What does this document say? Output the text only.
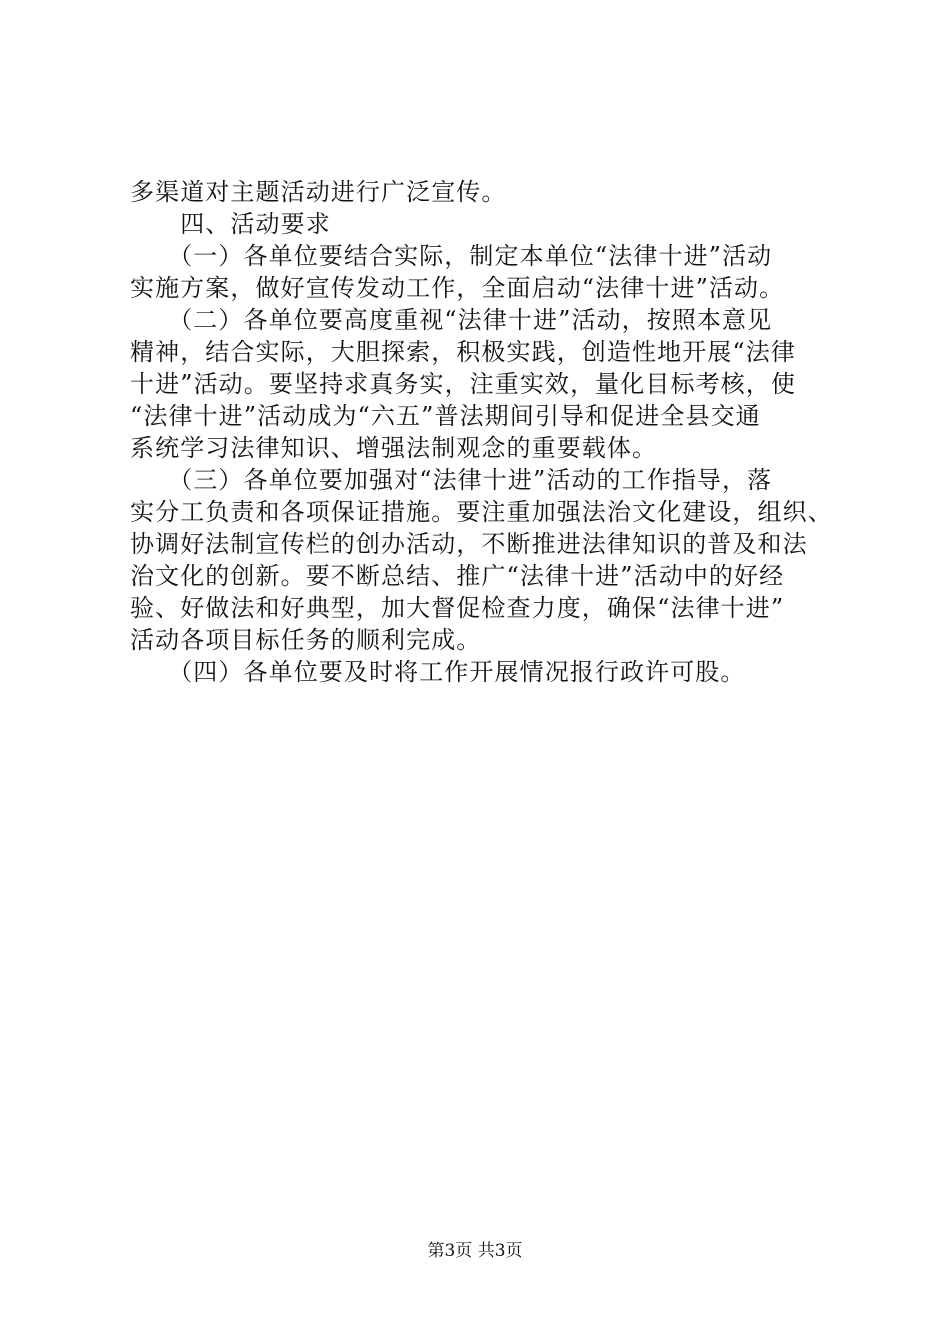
多渠道对主题活动进行广泛宣传。
　　四、活动要求
　　（一）各单位要结合实际，制定本单位“法律十进”活动
实施方案，做好宣传发动工作，全面启动“法律十进”活动。
　　（二）各单位要高度重视“法律十进”活动，按照本意见
精神，结合实际，大胆探索，积极实践，创造性地开展“法律
十进”活动。要坚持求真务实，注重实效，量化目标考核，使
“法律十进”活动成为“六五”普法期间引导和促进全县交通
系统学习法律知识、增强法制观念的重要载体。
　　（三）各单位要加强对“法律十进”活动的工作指导，落
实分工负责和各项保证措施。要注重加强法治文化建设，组织、
协调好法制宣传栏的创办活动，不断推进法律知识的普及和法
治文化的创新。要不断总结、推广“法律十进”活动中的好经
验、好做法和好典型，加大督促检查力度，确保“法律十进”
活动各项目标任务的顺利完成。
　　（四）各单位要及时将工作开展情况报行政许可股。
第3页 共3页
